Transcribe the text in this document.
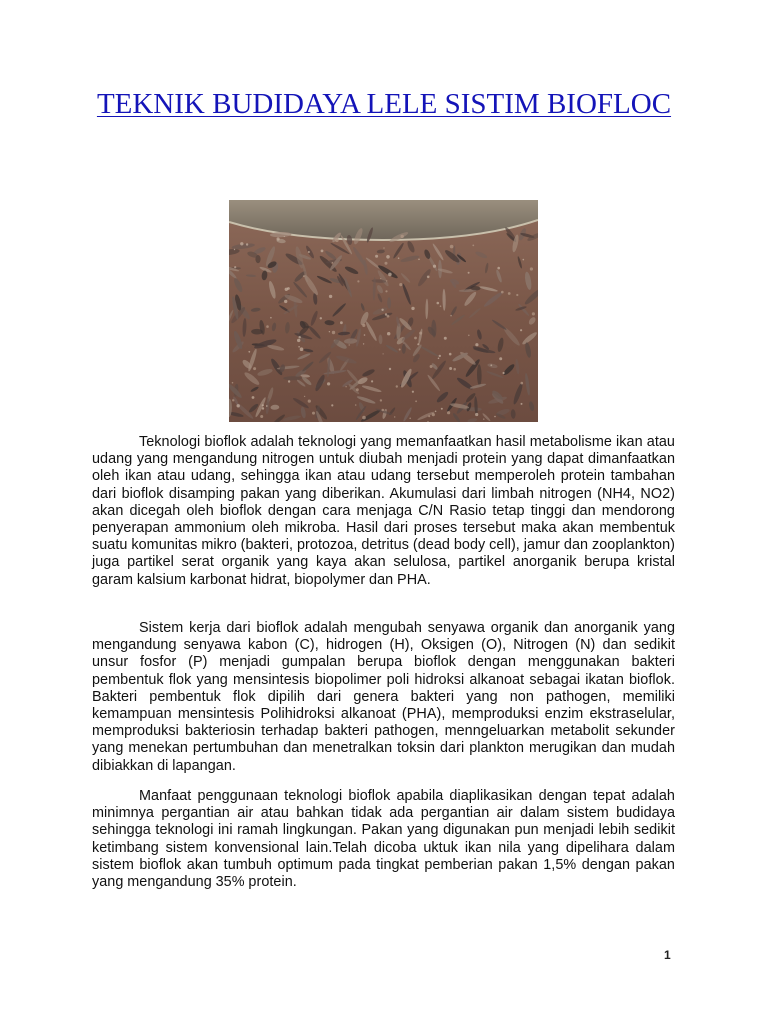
TEKNIK BUDIDAYA LELE SISTIM BIOFLOC

Teknologi bioflok adalah teknologi yang memanfaatkan hasil metabolisme ikan atau udang yang mengandung nitrogen untuk diubah menjadi protein yang dapat dimanfaatkan oleh ikan atau udang, sehingga ikan atau udang tersebut memperoleh protein tambahan dari bioflok disamping pakan yang diberikan. Akumulasi dari limbah nitrogen (NH4, NO2) akan dicegah oleh bioflok dengan cara menjaga C/N Rasio tetap tinggi dan mendorong penyerapan ammonium oleh mikroba. Hasil dari proses tersebut maka akan membentuk suatu komunitas mikro (bakteri, protozoa, detritus (dead body cell), jamur dan zooplankton) juga partikel serat organik yang kaya akan selulosa, partikel anorganik berupa kristal garam kalsium karbonat hidrat, biopolymer dan PHA.

Sistem kerja dari bioflok adalah mengubah senyawa organik dan anorganik yang mengandung senyawa kabon (C), hidrogen (H), Oksigen (O), Nitrogen (N) dan sedikit unsur fosfor (P) menjadi gumpalan berupa bioflok dengan menggunakan bakteri pembentuk flok yang mensintesis biopolimer poli hidroksi alkanoat sebagai ikatan bioflok. Bakteri pembentuk flok dipilih dari genera bakteri yang non pathogen, memiliki kemampuan mensintesis Polihidroksi alkanoat (PHA), memproduksi enzim ekstraselular, memproduksi bakteriosin terhadap bakteri pathogen, menngeluarkan metabolit sekunder yang menekan pertumbuhan dan menetralkan toksin dari plankton merugikan dan mudah dibiakkan di lapangan.

Manfaat penggunaan teknologi bioflok apabila diaplikasikan dengan tepat adalah minimnya pergantian air atau bahkan tidak ada pergantian air dalam sistem budidaya sehingga teknologi ini ramah lingkungan. Pakan yang digunakan pun menjadi lebih sedikit ketimbang sistem konvensional lain.Telah dicoba uktuk ikan nila yang dipelihara dalam sistem bioflok akan tumbuh optimum pada tingkat pemberian pakan 1,5% dengan pakan yang mengandung 35% protein.

1
